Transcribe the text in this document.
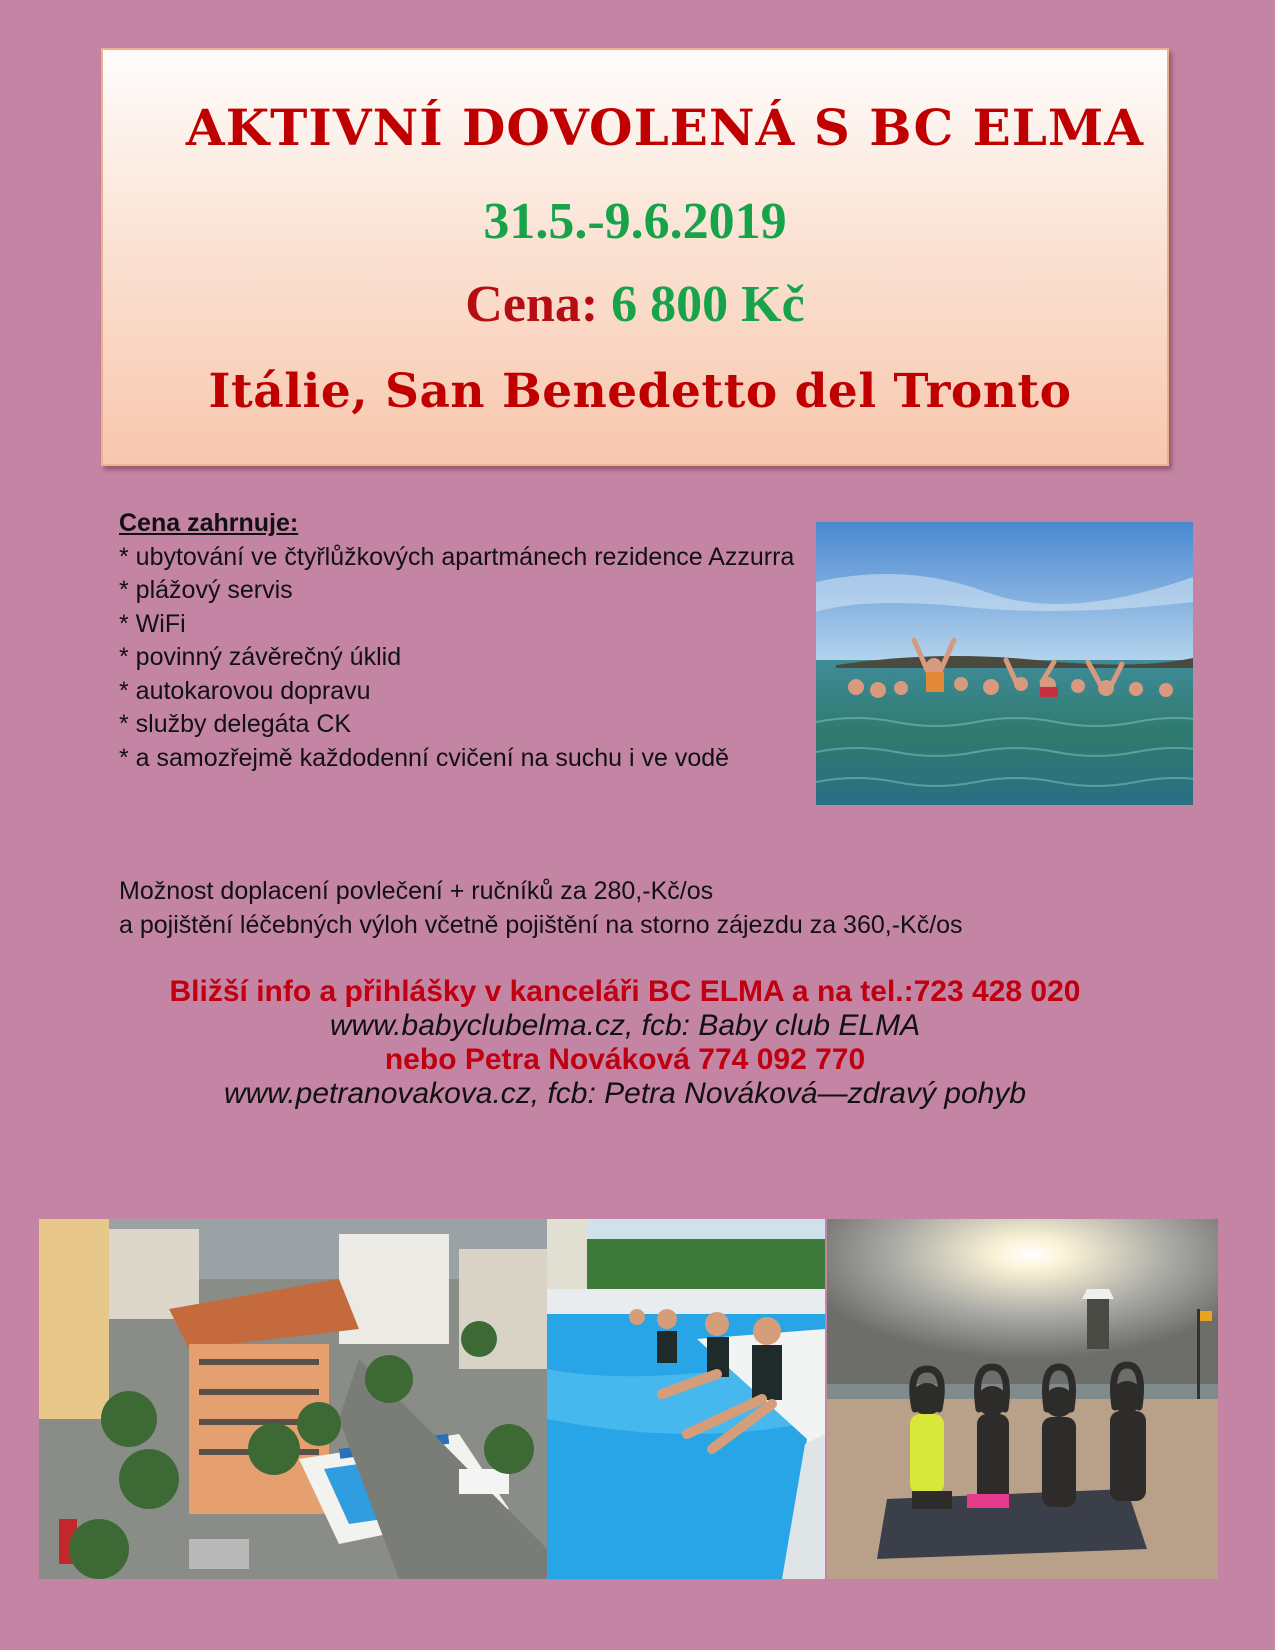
AKTIVNÍ DOVOLENÁ S BC ELMA
31.5.-9.6.2019
Cena: 6 800 Kč
Itálie, San Benedetto del Tronto
Cena zahrnuje:
* ubytování ve čtyřlůžkových apartmánech rezidence Azzurra
* plážový servis
* WiFi
* povinný závěrečný úklid
* autokarovou dopravu
* služby delegáta CK
* a samozřejmě každodenní cvičení na suchu i ve vodě
Možnost doplacení povlečení + ručníků za 280,-Kč/os
a pojištění léčebných výloh včetně pojištění na storno zájezdu za 360,-Kč/os
Bližší info a přihlášky v kanceláři BC ELMA a na tel.:723 428 020
www.babyclubelma.cz, fcb: Baby club ELMA
nebo Petra Nováková 774 092 770
www.petranovakova.cz, fcb: Petra Nováková—zdravý pohyb
